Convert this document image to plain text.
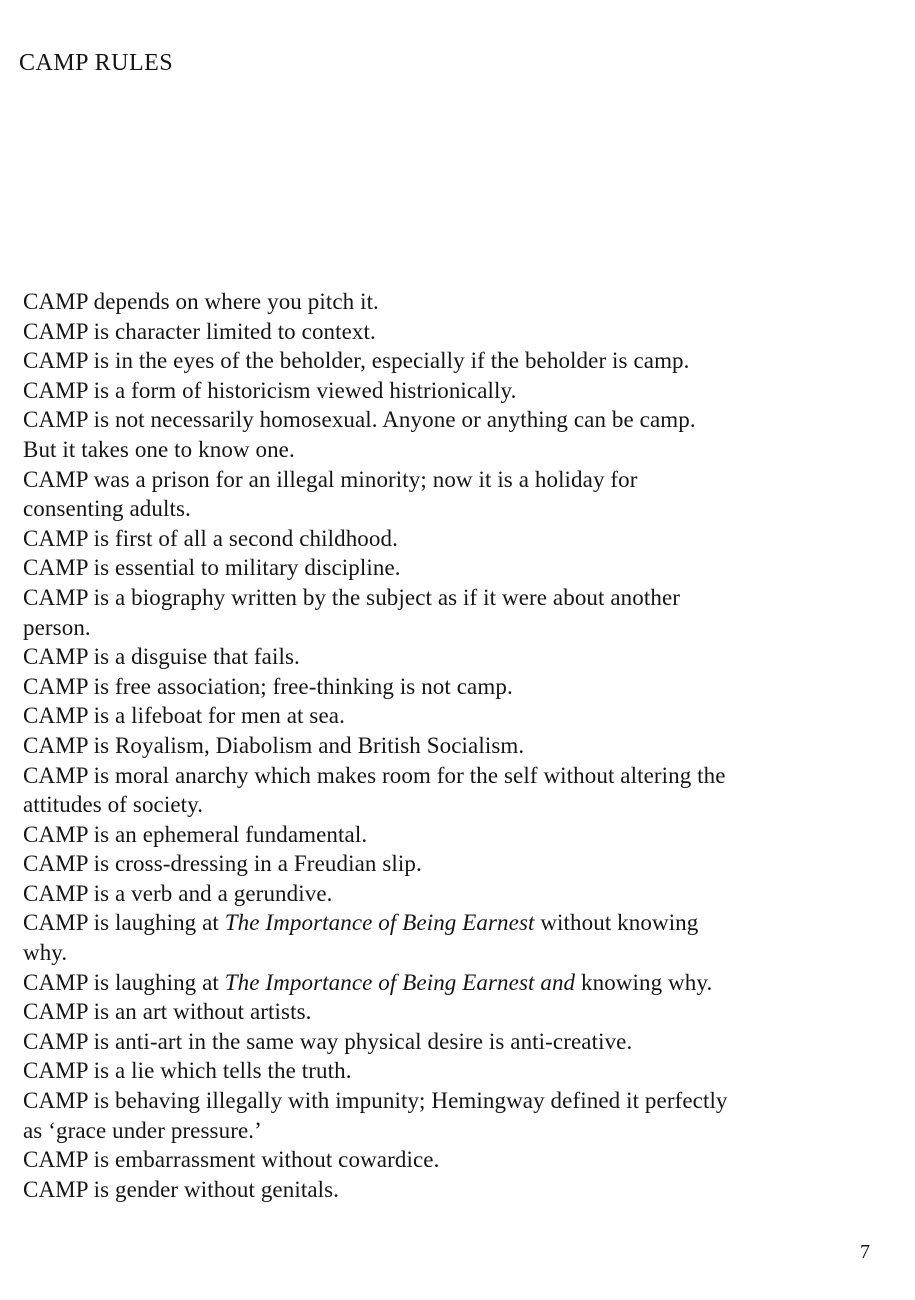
CAMP RULES
CAMP depends on where you pitch it.
CAMP is character limited to context.
CAMP is in the eyes of the beholder, especially if the beholder is camp.
CAMP is a form of historicism viewed histrionically.
CAMP is not necessarily homosexual. Anyone or anything can be camp. But it takes one to know one.
CAMP was a prison for an illegal minority; now it is a holiday for consenting adults.
CAMP is first of all a second childhood.
CAMP is essential to military discipline.
CAMP is a biography written by the subject as if it were about another person.
CAMP is a disguise that fails.
CAMP is free association; free-thinking is not camp.
CAMP is a lifeboat for men at sea.
CAMP is Royalism, Diabolism and British Socialism.
CAMP is moral anarchy which makes room for the self without altering the attitudes of society.
CAMP is an ephemeral fundamental.
CAMP is cross-dressing in a Freudian slip.
CAMP is a verb and a gerundive.
CAMP is laughing at The Importance of Being Earnest without knowing why.
CAMP is laughing at The Importance of Being Earnest and knowing why.
CAMP is an art without artists.
CAMP is anti-art in the same way physical desire is anti-creative.
CAMP is a lie which tells the truth.
CAMP is behaving illegally with impunity; Hemingway defined it perfectly as ‘grace under pressure.’
CAMP is embarrassment without cowardice.
CAMP is gender without genitals.
7
